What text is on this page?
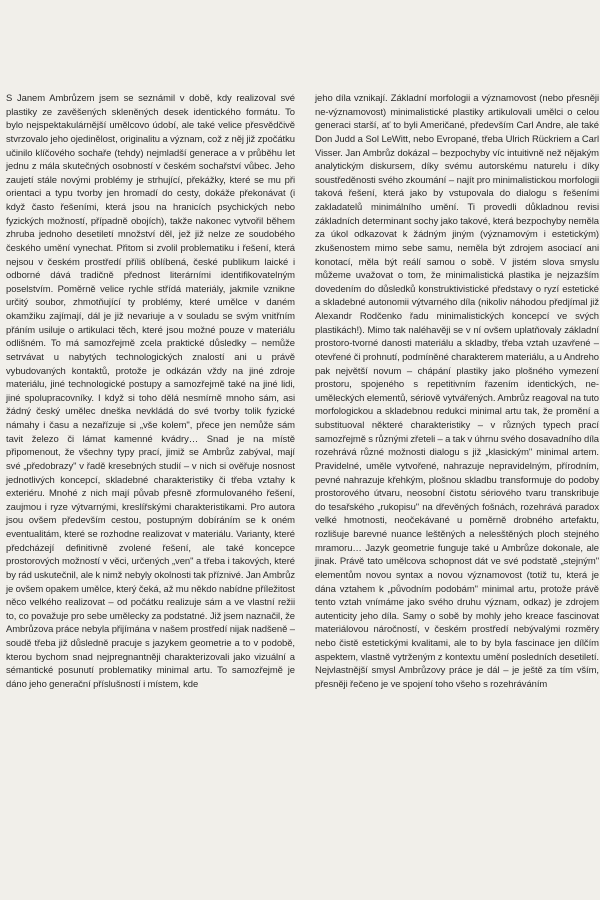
S Janem Ambrůzem jsem se seznámil v době, kdy realizoval své plastiky ze zavěšených skleněných desek identického formátu. To bylo nejspektakulárnější umělcovo údobí, ale také velice přesvědčivě stvrzovalo jeho ojedinělost, originalitu a význam, což z něj již zpočátku učinilo klíčového sochaře (tehdy) nejmladší generace a v průběhu let jednu z mála skutečných osobností v českém sochařství vůbec. Jeho zaujetí stále novými problémy je strhující, překážky, které se mu při orientaci a typu tvorby jen hromadí do cesty, dokáže překonávat (i když často řešeními, která jsou na hranicích psychických nebo fyzických možností, případně obojích), takže nakonec vytvořil během zhruba jednoho desetiletí množství děl, jež již nelze ze soudobého českého umění vynechat. Přitom si zvolil problematiku i řešení, která nejsou v českém prostředí příliš oblíbená, české publikum laické i odborné dává tradičně přednost literárními identifikovatelným poselstvím. Poměrně velice rychle střídá materiály, jakmile vznikne určitý soubor, zhmotňující ty problémy, které umělce v daném okamžiku zajímají, dál je již nevariuje a v souladu se svým vnitřním přáním usiluje o artikulaci těch, které jsou možné pouze v materiálu odlišném. To má samozřejmě zcela praktické důsledky – nemůže setrvávat u nabytých technologických znalostí ani u právě vybudovaných kontaktů, protože je odkázán vždy na jiné zdroje materiálu, jiné technologické postupy a samozřejmě také na jiné lidi, jiné spolupracovníky. I když si toho dělá nesmírně mnoho sám, asi žádný český umělec dneška nevkládá do své tvorby tolik fyzické námahy i času a nezařízuje si „vše kolem", přece jen nemůže sám tavit železo či lámat kamenné kvádry… Snad je na místě připomenout, že všechny typy prací, jimiž se Ambrůz zabýval, mají své „předobrazy" v řadě kresebných studií – v nich si ověřuje nosnost jednotlivých koncepcí, skladebné charakteristiky či třeba vztahy k exteriéru. Mnohé z nich mají půvab přesně zformulovaného řešení, zaujmou i ryze výtvarnými, kreslířskými charakteristikami. Pro autora jsou ovšem především cestou, postupným dobíráním se k oném eventualitám, které se rozhodne realizovat v materiálu. Varianty, které předcházejí definitivně zvolené řešení, ale také koncepce prostorových možností v věci, určených „ven" a třeba i takových, které by rád uskutečnil, ale k nimž nebyly okolnosti tak příznivé. Jan Ambrůz je ovšem opakem umělce, který čeká, až mu někdo nabídne příležitost něco velkého realizovat – od počátku realizuje sám a ve vlastní režii to, co považuje pro sebe umělecky za podstatné. Již jsem naznačil, že Ambrůzova práce nebyla přijímána v našem prostředí nijak nadšeně – soudě třeba již důsledně pracuje s jazykem geometrie a to v podobě, kterou bychom snad nejpregnantněji charakterizovali jako vizuální a sémantické posunutí problematiky minimal artu. To samozřejmě je dáno jeho generační příslušností i místem, kde

jeho díla vznikají. Základní morfologii a významovost (nebo přesněji ne-významovost) minimalistické plastiky artikulovali umělci o celou generaci starší, ať to byli Američané, především Carl Andre, ale také Don Judd a Sol LeWitt, nebo Evropané, třeba Ulrich Rückriem a Carl Visser. Jan Ambrůz dokázal – bezpochyby víc intuitivně než nějakým analytickým diskursem, díky svému autorskému naturelu i díky soustředěnosti svého zkoumání – najít pro minimalistickou morfologii taková řešení, která jako by vstupovala do dialogu s řešeními zakladatelů minimálního umění. Ti provedli důkladnou revisi základních determinant sochy jako takové, která bezpochyby neměla za úkol odkazovat k žádným jiným (významovým i estetickým) zkušenostem mimo sebe samu, neměla být zdrojem asociací ani konotací, měla být reálí samou o sobě. V jistém slova smyslu můžeme uvažovat o tom, že minimalistická plastika je nejzazším dovedením do důsledků konstruktivistické představy o ryzí estetické a skladebné autonomii výtvarného díla (nikoliv náhodou předjímal již Alexandr Rodčenko řadu minimalistických koncepcí ve svých plastikách!). Mimo tak naléhavěji se v ní ovšem uplatňovaly základní prostoro-tvorné danosti materiálu a skladby, třeba vztah uzavřené – otevřené či prohnutí, podmíněné charakterem materiálu, a u Andreho pak největší novum – chápání plastiky jako plošného vymezení prostoru, spojeného s repetitivním řazením identických, ne-uměleckých elementů, sériově vytvářených. Ambrůz reagoval na tuto morfologickou a skladebnou redukci minimal artu tak, že promění a substituoval některé charakteristiky – v různých typech prací samozřejmě s různými zřeteli – a tak v úhrnu svého dosavadního díla rozehrává různé možnosti dialogu s již „klasickým" minimal artem. Pravidelné, uměle vytvořené, nahrazuje nepravidelným, přírodním, pevné nahrazuje křehkým, plošnou skladbu transformuje do podoby prostorového útvaru, neosobní čistotu sériového tvaru transkribuje do tesařského „rukopisu" na dřevěných fošnách, rozehrává paradox velké hmotnosti, neočekávané u poměrně drobného artefaktu, rozlišuje barevné nuance leštěných a nelesštěných ploch stejného mramoru… Jazyk geometrie funguje také u Ambrůze dokonale, ale jinak. Právě tato umělcova schopnost dát ve své podstatě „stejným" elementům novou syntax a novou významovost (totiž tu, která je dána vztahem k „původním podobám" minimal artu, protože právě tento vztah vnímáme jako svého druhu význam, odkaz) je zdrojem autenticity jeho díla. Samy o sobě by mohly jeho kreace fascinovat materiálovou náročností, v českém prostředí nebývalými rozměry nebo čistě estetickými kvalitami, ale to by byla fascinace jen dílčím aspektem, vlastně vytrženým z kontextu umění posledních desetiletí. Nejvlastnější smysl Ambrůzovy práce je dál – je ještě za tím vším, přesněji řečeno je ve spojení toho všeho s rozehráváním
